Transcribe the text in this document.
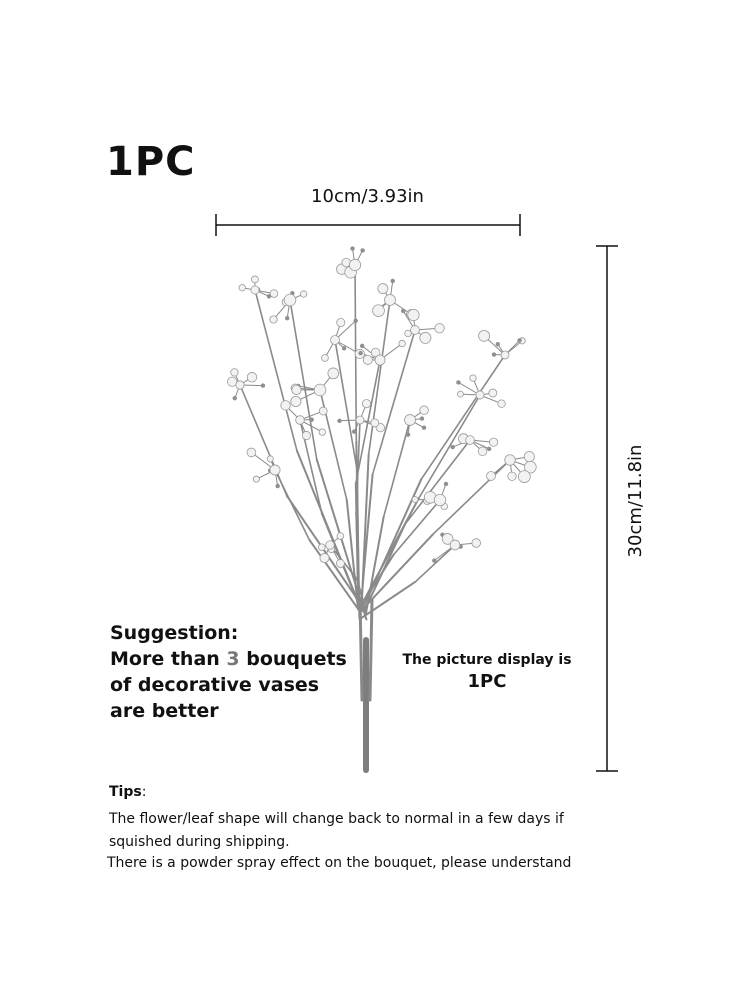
1PC
10cm/3.93in
30cm/11.8in
Suggestion:
More than 3 bouquets
of decorative vases
are better
The picture display is
1PC
Tips:
The flower/leaf shape will change back to normal in a few days if squished during shipping.
There is a powder spray effect on the bouquet, please understand
